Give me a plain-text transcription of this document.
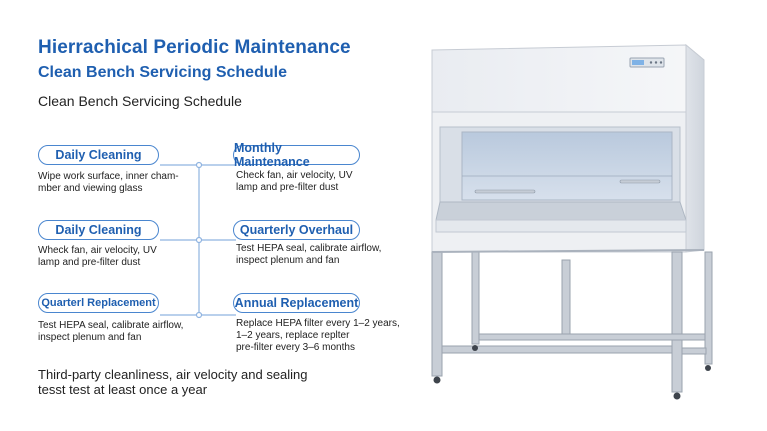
Hierrachical Periodic Maintenance
Clean Bench Servicing Schedule
Clean Bench Servicing Schedule
Daily Cleaning
Wipe work surface, inner cham-
mber and viewing glass
Daily Cleaning
Wheck fan, air velocity, UV
lamp and pre-filter dust
Quarterl Replacement
Test HEPA seal, calibrate airflow,
inspect plenum and fan
Monthly Maintenance
Check fan, air velocity, UV
lamp and pre-filter dust
Quarterly Overhaul
Test HEPA seal, calibrate airflow,
inspect plenum and fan
Annual Replacement
Replace HEPA filter every 1–2 years,
1–2 years, replace replter
pre-filter every 3–6 months
Third-party cleanliness, air velocity and sealing
tesst test at least once a year
